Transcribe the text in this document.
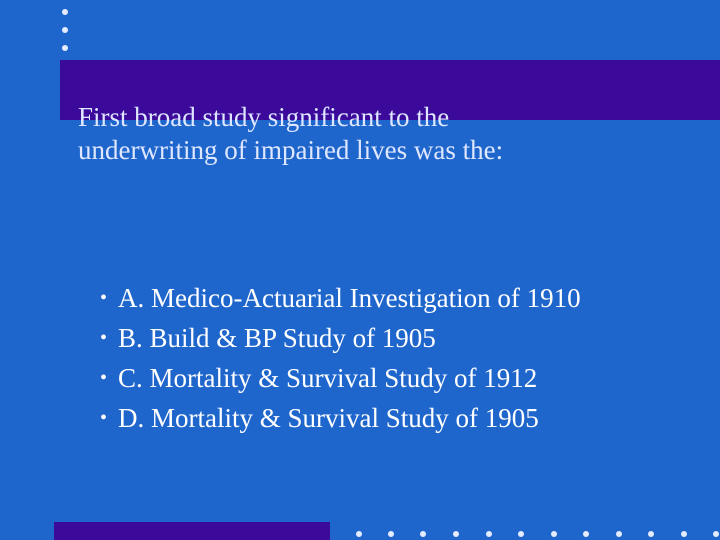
First broad study significant to the
underwriting of impaired lives was the:
• A. Medico-Actuarial Investigation of 1910
• B. Build & BP Study of 1905
• C. Mortality & Survival Study of 1912
• D. Mortality & Survival Study of 1905
